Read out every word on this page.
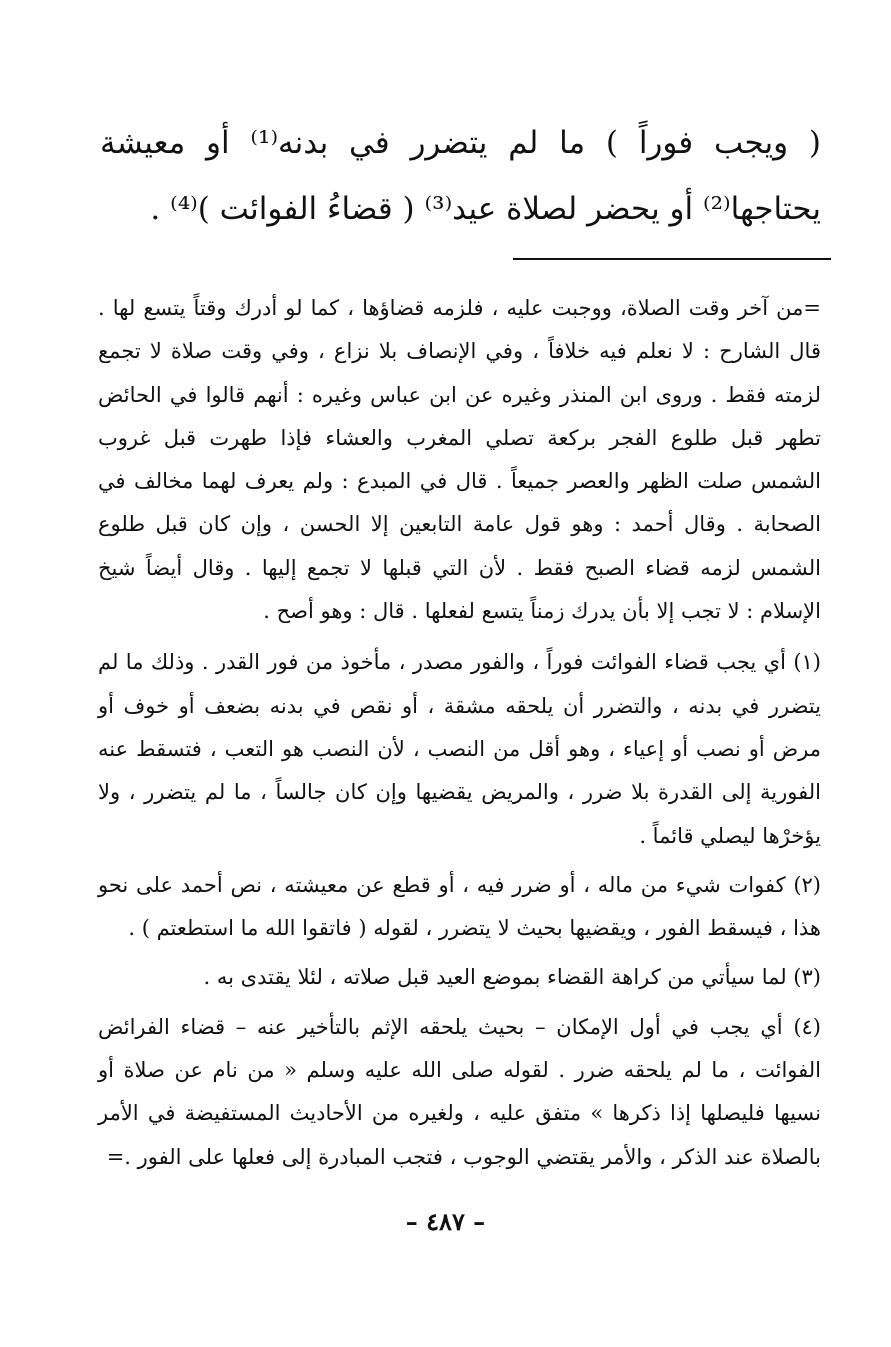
( ويجب فوراً ) ما لم يتضرر في بدنه⁽¹⁾ أو معيشة يحتاجها⁽²⁾ أو يحضر لصلاة عيد⁽³⁾ ( قضاءُ الفوائت )⁽⁴⁾ .

=من آخر وقت الصلاة، ووجبت عليه ، فلزمه قضاؤها ، كما لو أدرك وقتاً يتسع لها . قال الشارح : لا نعلم فيه خلافاً ، وفي الإنصاف بلا نزاع ، وفي وقت صلاة لا تجمع لزمته فقط . وروى ابن المنذر وغيره عن ابن عباس وغيره : أنهم قالوا في الحائض تطهر قبل طلوع الفجر بركعة تصلي المغرب والعشاء فإذا طهرت قبل غروب الشمس صلت الظهر والعصر جميعاً . قال في المبدع : ولم يعرف لهما مخالف في الصحابة . وقال أحمد : وهو قول عامة التابعين إلا الحسن ، وإن كان قبل طلوع الشمس لزمه قضاء الصبح فقط . لأن التي قبلها لا تجمع إليها . وقال أيضاً شيخ الإسلام : لا تجب إلا بأن يدرك زمناً يتسع لفعلها . قال : وهو أصح .

(١) أي يجب قضاء الفوائت فوراً ، والفور مصدر ، مأخوذ من فور القدر . وذلك ما لم يتضرر في بدنه ، والتضرر أن يلحقه مشقة ، أو نقص في بدنه بضعف أو خوف أو مرض أو نصب أو إعياء ، وهو أقل من النصب ، لأن النصب هو التعب ، فتسقط عنه الفورية إلى القدرة بلا ضرر ، والمريض يقضيها وإن كان جالساً ، ما لم يتضرر ، ولا يؤخرْها ليصلي قائماً .

(٢) كفوات شيء من ماله ، أو ضرر فيه ، أو قطع عن معيشته ، نص أحمد على نحو هذا ، فيسقط الفور ، ويقضيها بحيث لا يتضرر ، لقوله ( فاتقوا الله ما استطعتم ) .

(٣) لما سيأتي من كراهة القضاء بموضع العيد قبل صلاته ، لئلا يقتدى به .

(٤) أي يجب في أول الإمكان – بحيث يلحقه الإثم بالتأخير عنه – قضاء الفرائض الفوائت ، ما لم يلحقه ضرر . لقوله صلى الله عليه وسلم « من نام عن صلاة أو نسيها فليصلها إذا ذكرها » متفق عليه ، ولغيره من الأحاديث المستفيضة في الأمر بالصلاة عند الذكر ، والأمر يقتضي الوجوب ، فتجب المبادرة إلى فعلها على الفور .=

– ٤٨٧ –
